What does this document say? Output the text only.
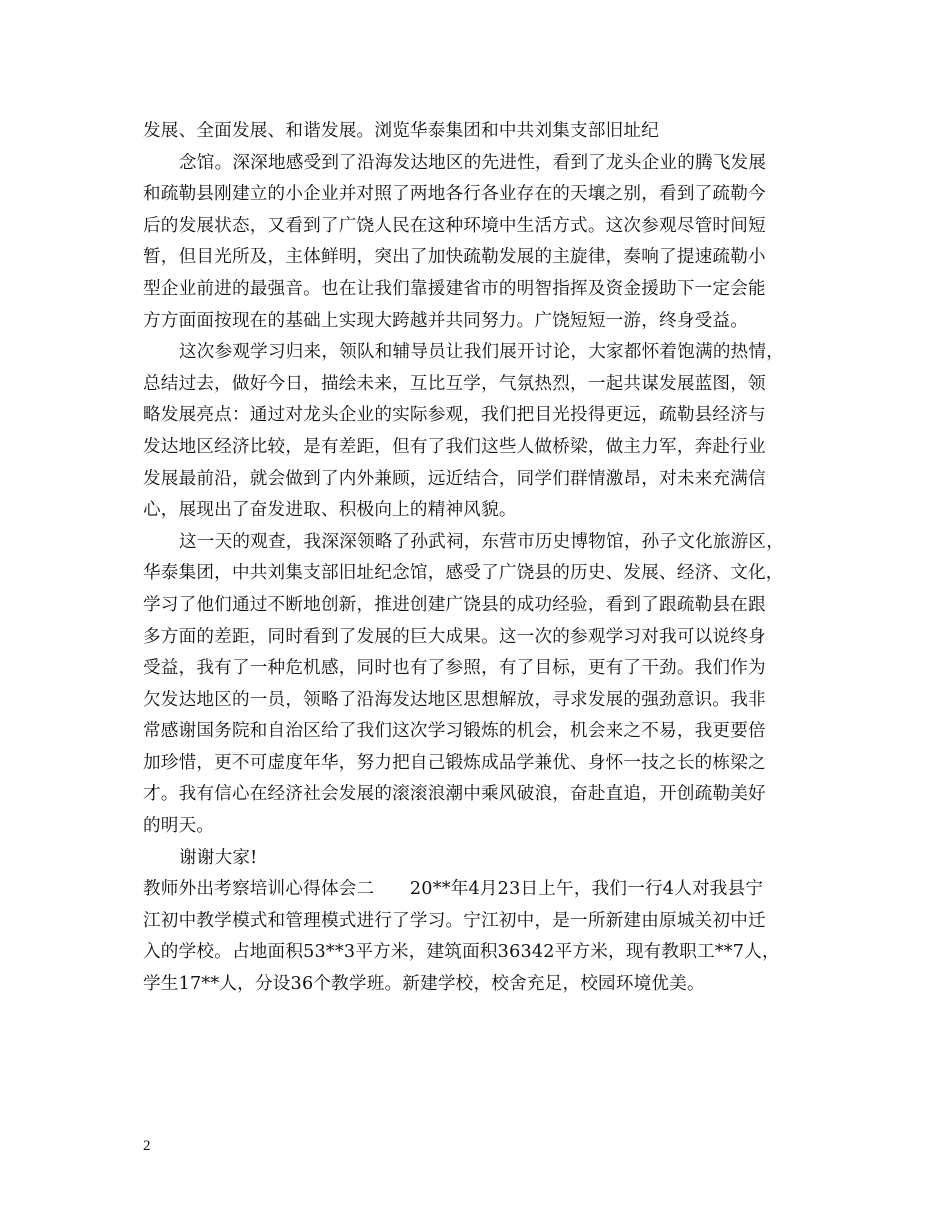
发展、全面发展、和谐发展。浏览华泰集团和中共刘集支部旧址纪
念馆。深深地感受到了沿海发达地区的先进性，看到了龙头企业的腾飞发展
和疏勒县刚建立的小企业并对照了两地各行各业存在的天壤之别，看到了疏勒今
后的发展状态，又看到了广饶人民在这种环境中生活方式。这次参观尽管时间短
暂，但目光所及，主体鲜明，突出了加快疏勒发展的主旋律，奏响了提速疏勒小
型企业前进的最强音。也在让我们靠援建省市的明智指挥及资金援助下一定会能
方方面面按现在的基础上实现大跨越并共同努力。广饶短短一游，终身受益。
这次参观学习归来，领队和辅导员让我们展开讨论，大家都怀着饱满的热情，
总结过去，做好今日，描绘未来，互比互学，气氛热烈，一起共谋发展蓝图，领
略发展亮点：通过对龙头企业的实际参观，我们把目光投得更远，疏勒县经济与
发达地区经济比较，是有差距，但有了我们这些人做桥梁，做主力军，奔赴行业
发展最前沿，就会做到了内外兼顾，远近结合，同学们群情激昂，对未来充满信
心，展现出了奋发进取、积极向上的精神风貌。
这一天的观查，我深深领略了孙武祠，东营市历史博物馆，孙子文化旅游区，
华泰集团，中共刘集支部旧址纪念馆，感受了广饶县的历史、发展、经济、文化，
学习了他们通过不断地创新，推进创建广饶县的成功经验，看到了跟疏勒县在跟
多方面的差距，同时看到了发展的巨大成果。这一次的参观学习对我可以说终身
受益，我有了一种危机感，同时也有了参照，有了目标，更有了干劲。我们作为
欠发达地区的一员，领略了沿海发达地区思想解放，寻求发展的强劲意识。我非
常感谢国务院和自治区给了我们这次学习锻炼的机会，机会来之不易，我更要倍
加珍惜，更不可虚度年华，努力把自己锻炼成品学兼优、身怀一技之长的栋梁之
才。我有信心在经济社会发展的滚滚浪潮中乘风破浪，奋赴直追，开创疏勒美好
的明天。
谢谢大家!
教师外出考察培训心得体会二　　20**年4月23日上午，我们一行4人对我县宁
江初中教学模式和管理模式进行了学习。宁江初中，是一所新建由原城关初中迁
入的学校。占地面积53**3平方米，建筑面积36342平方米，现有教职工**7人，
学生17**人，分设36个教学班。新建学校，校舍充足，校园环境优美。
2
